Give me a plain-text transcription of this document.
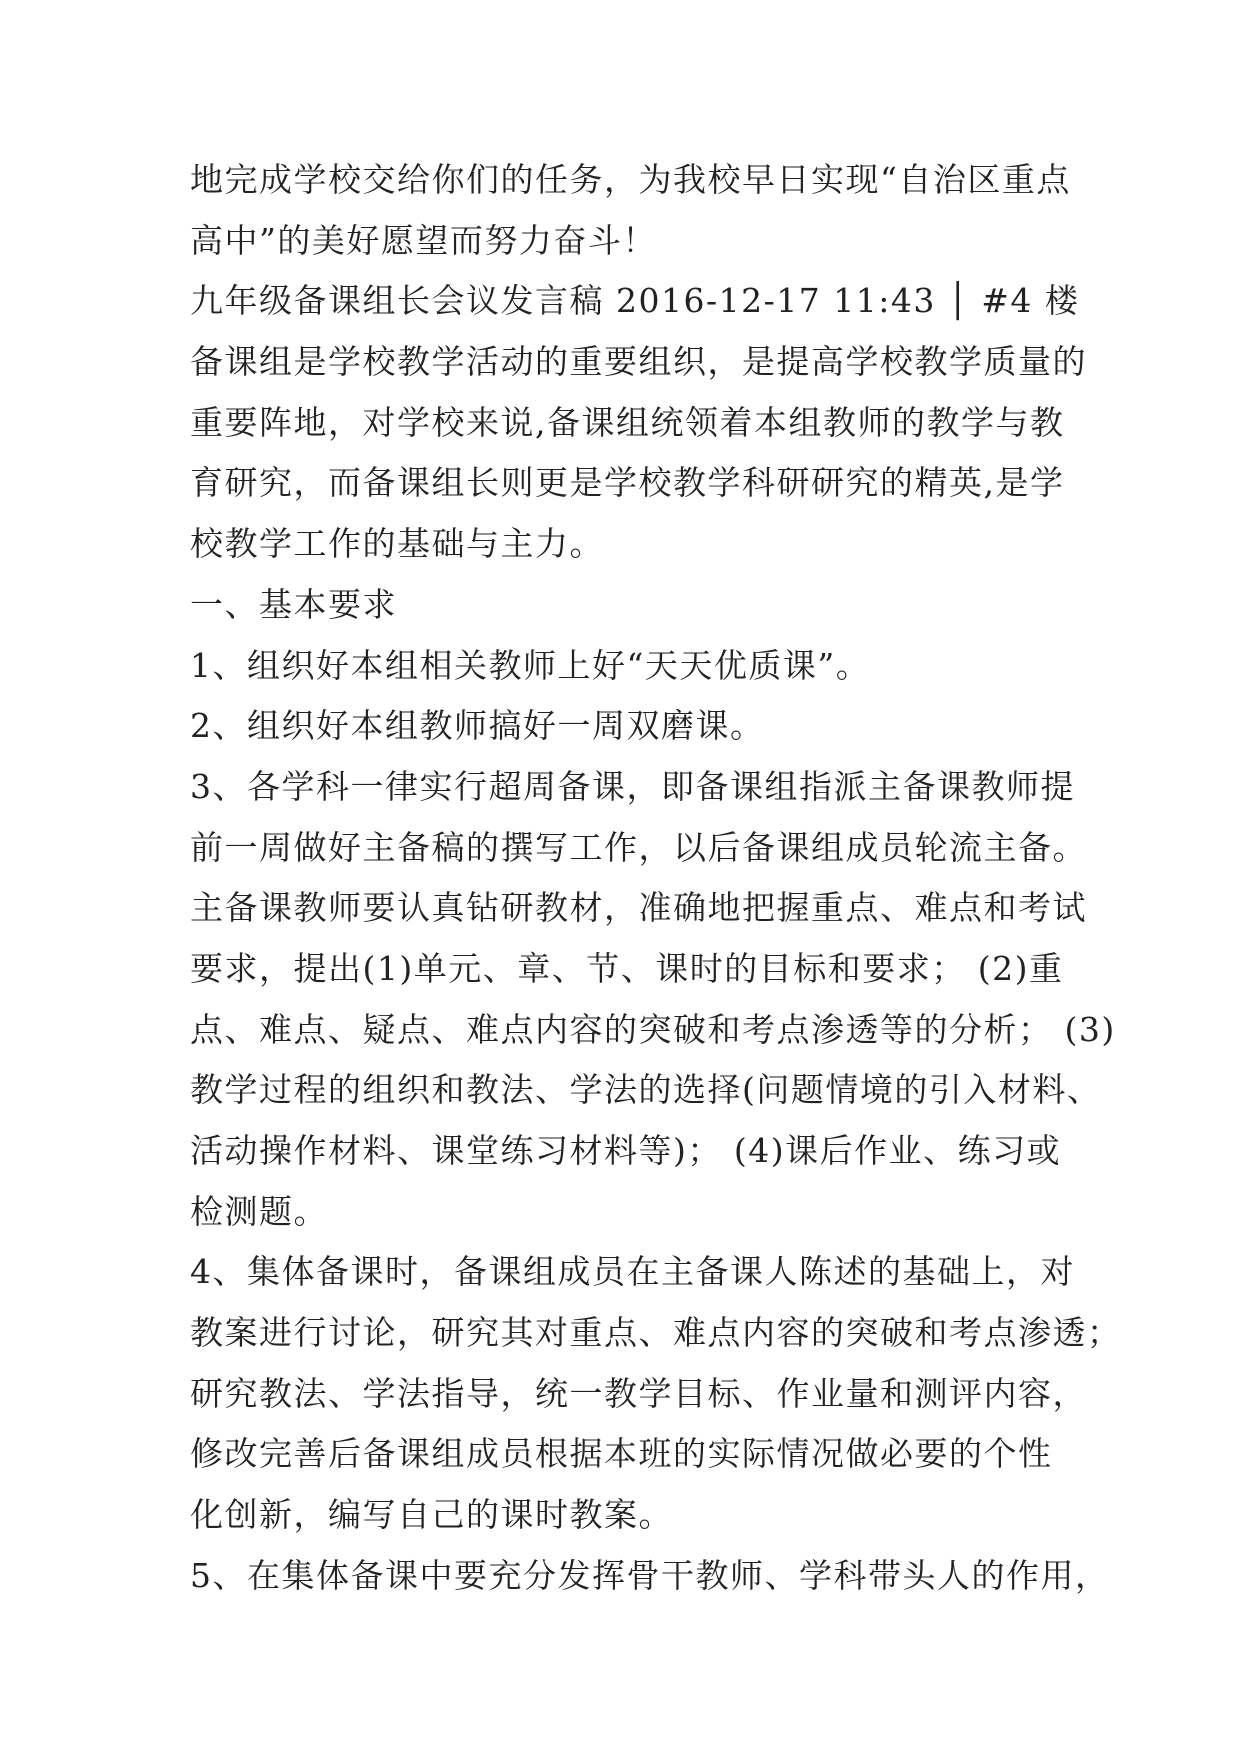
地完成学校交给你们的任务，为我校早日实现“自治区重点
高中”的美好愿望而努力奋斗！
九年级备课组长会议发言稿 2016-12-17 11:43 │ #4 楼
备课组是学校教学活动的重要组织，是提高学校教学质量的
重要阵地，对学校来说,备课组统领着本组教师的教学与教
育研究，而备课组长则更是学校教学科研研究的精英,是学
校教学工作的基础与主力。
一、基本要求
1、组织好本组相关教师上好“天天优质课”。
2、组织好本组教师搞好一周双磨课。
3、各学科一律实行超周备课，即备课组指派主备课教师提
前一周做好主备稿的撰写工作，以后备课组成员轮流主备。
主备课教师要认真钻研教材，准确地把握重点、难点和考试
要求，提出(1)单元、章、节、课时的目标和要求； (2)重
点、难点、疑点、难点内容的突破和考点渗透等的分析； (3)
教学过程的组织和教法、学法的选择(问题情境的引入材料、
活动操作材料、课堂练习材料等)； (4)课后作业、练习或
检测题。
4、集体备课时，备课组成员在主备课人陈述的基础上，对
教案进行讨论，研究其对重点、难点内容的突破和考点渗透；
研究教法、学法指导，统一教学目标、作业量和测评内容，
修改完善后备课组成员根据本班的实际情况做必要的个性
化创新，编写自己的课时教案。
5、在集体备课中要充分发挥骨干教师、学科带头人的作用，
